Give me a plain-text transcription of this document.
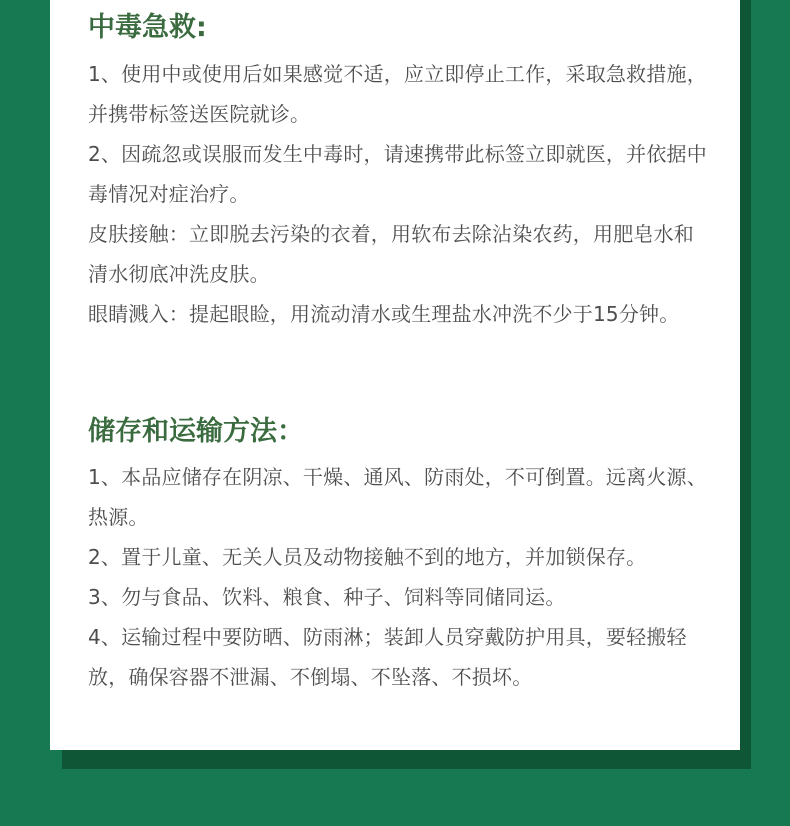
中毒急救:

1、使用中或使用后如果感觉不适，应立即停止工作，采取急救措施，并携带标签送医院就诊。

2、因疏忽或误服而发生中毒时，请速携带此标签立即就医，并依据中毒情况对症治疗。

皮肤接触：立即脱去污染的衣着，用软布去除沾染农药，用肥皂水和清水彻底冲洗皮肤。

眼睛溅入：提起眼睑，用流动清水或生理盐水冲洗不少于15分钟。

储存和运输方法：

1、本品应储存在阴凉、干燥、通风、防雨处，不可倒置。远离火源、热源。

2、置于儿童、无关人员及动物接触不到的地方，并加锁保存。

3、勿与食品、饮料、粮食、种子、饲料等同储同运。

4、运输过程中要防晒、防雨淋；装卸人员穿戴防护用具，要轻搬轻放，确保容器不泄漏、不倒塌、不坠落、不损坏。
